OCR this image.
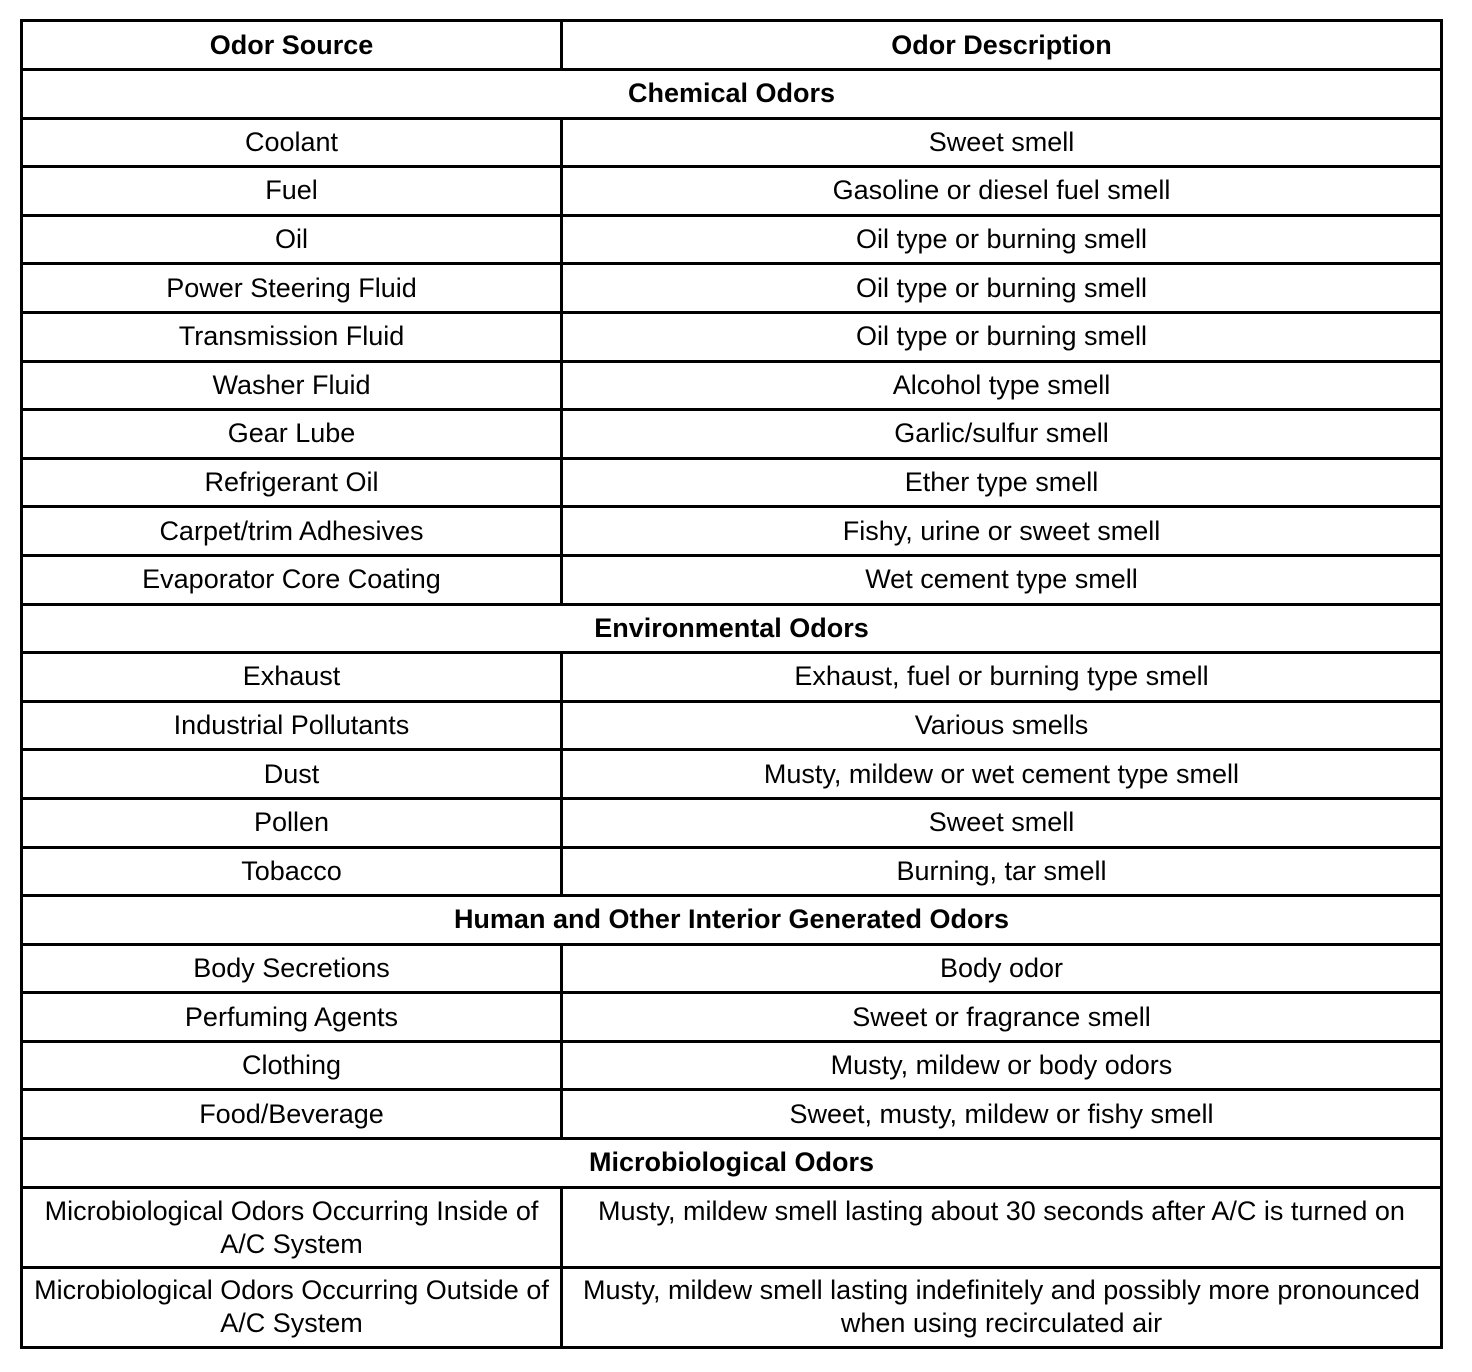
Odor Source	Odor Description
Chemical Odors	
Coolant	Sweet smell
Fuel	Gasoline or diesel fuel smell
Oil	Oil type or burning smell
Power Steering Fluid	Oil type or burning smell
Transmission Fluid	Oil type or burning smell
Washer Fluid	Alcohol type smell
Gear Lube	Garlic/sulfur smell
Refrigerant Oil	Ether type smell
Carpet/trim Adhesives	Fishy, urine or sweet smell
Evaporator Core Coating	Wet cement type smell
Environmental Odors	
Exhaust	Exhaust, fuel or burning type smell
Industrial Pollutants	Various smells
Dust	Musty, mildew or wet cement type smell
Pollen	Sweet smell
Tobacco	Burning, tar smell
Human and Other Interior Generated Odors	
Body Secretions	Body odor
Perfuming Agents	Sweet or fragrance smell
Clothing	Musty, mildew or body odors
Food/Beverage	Sweet, musty, mildew or fishy smell
Microbiological Odors	
Microbiological Odors Occurring Inside of A/C System	Musty, mildew smell lasting about 30 seconds after A/C is turned on
Microbiological Odors Occurring Outside of A/C System	Musty, mildew smell lasting indefinitely and possibly more pronounced when using recirculated air
